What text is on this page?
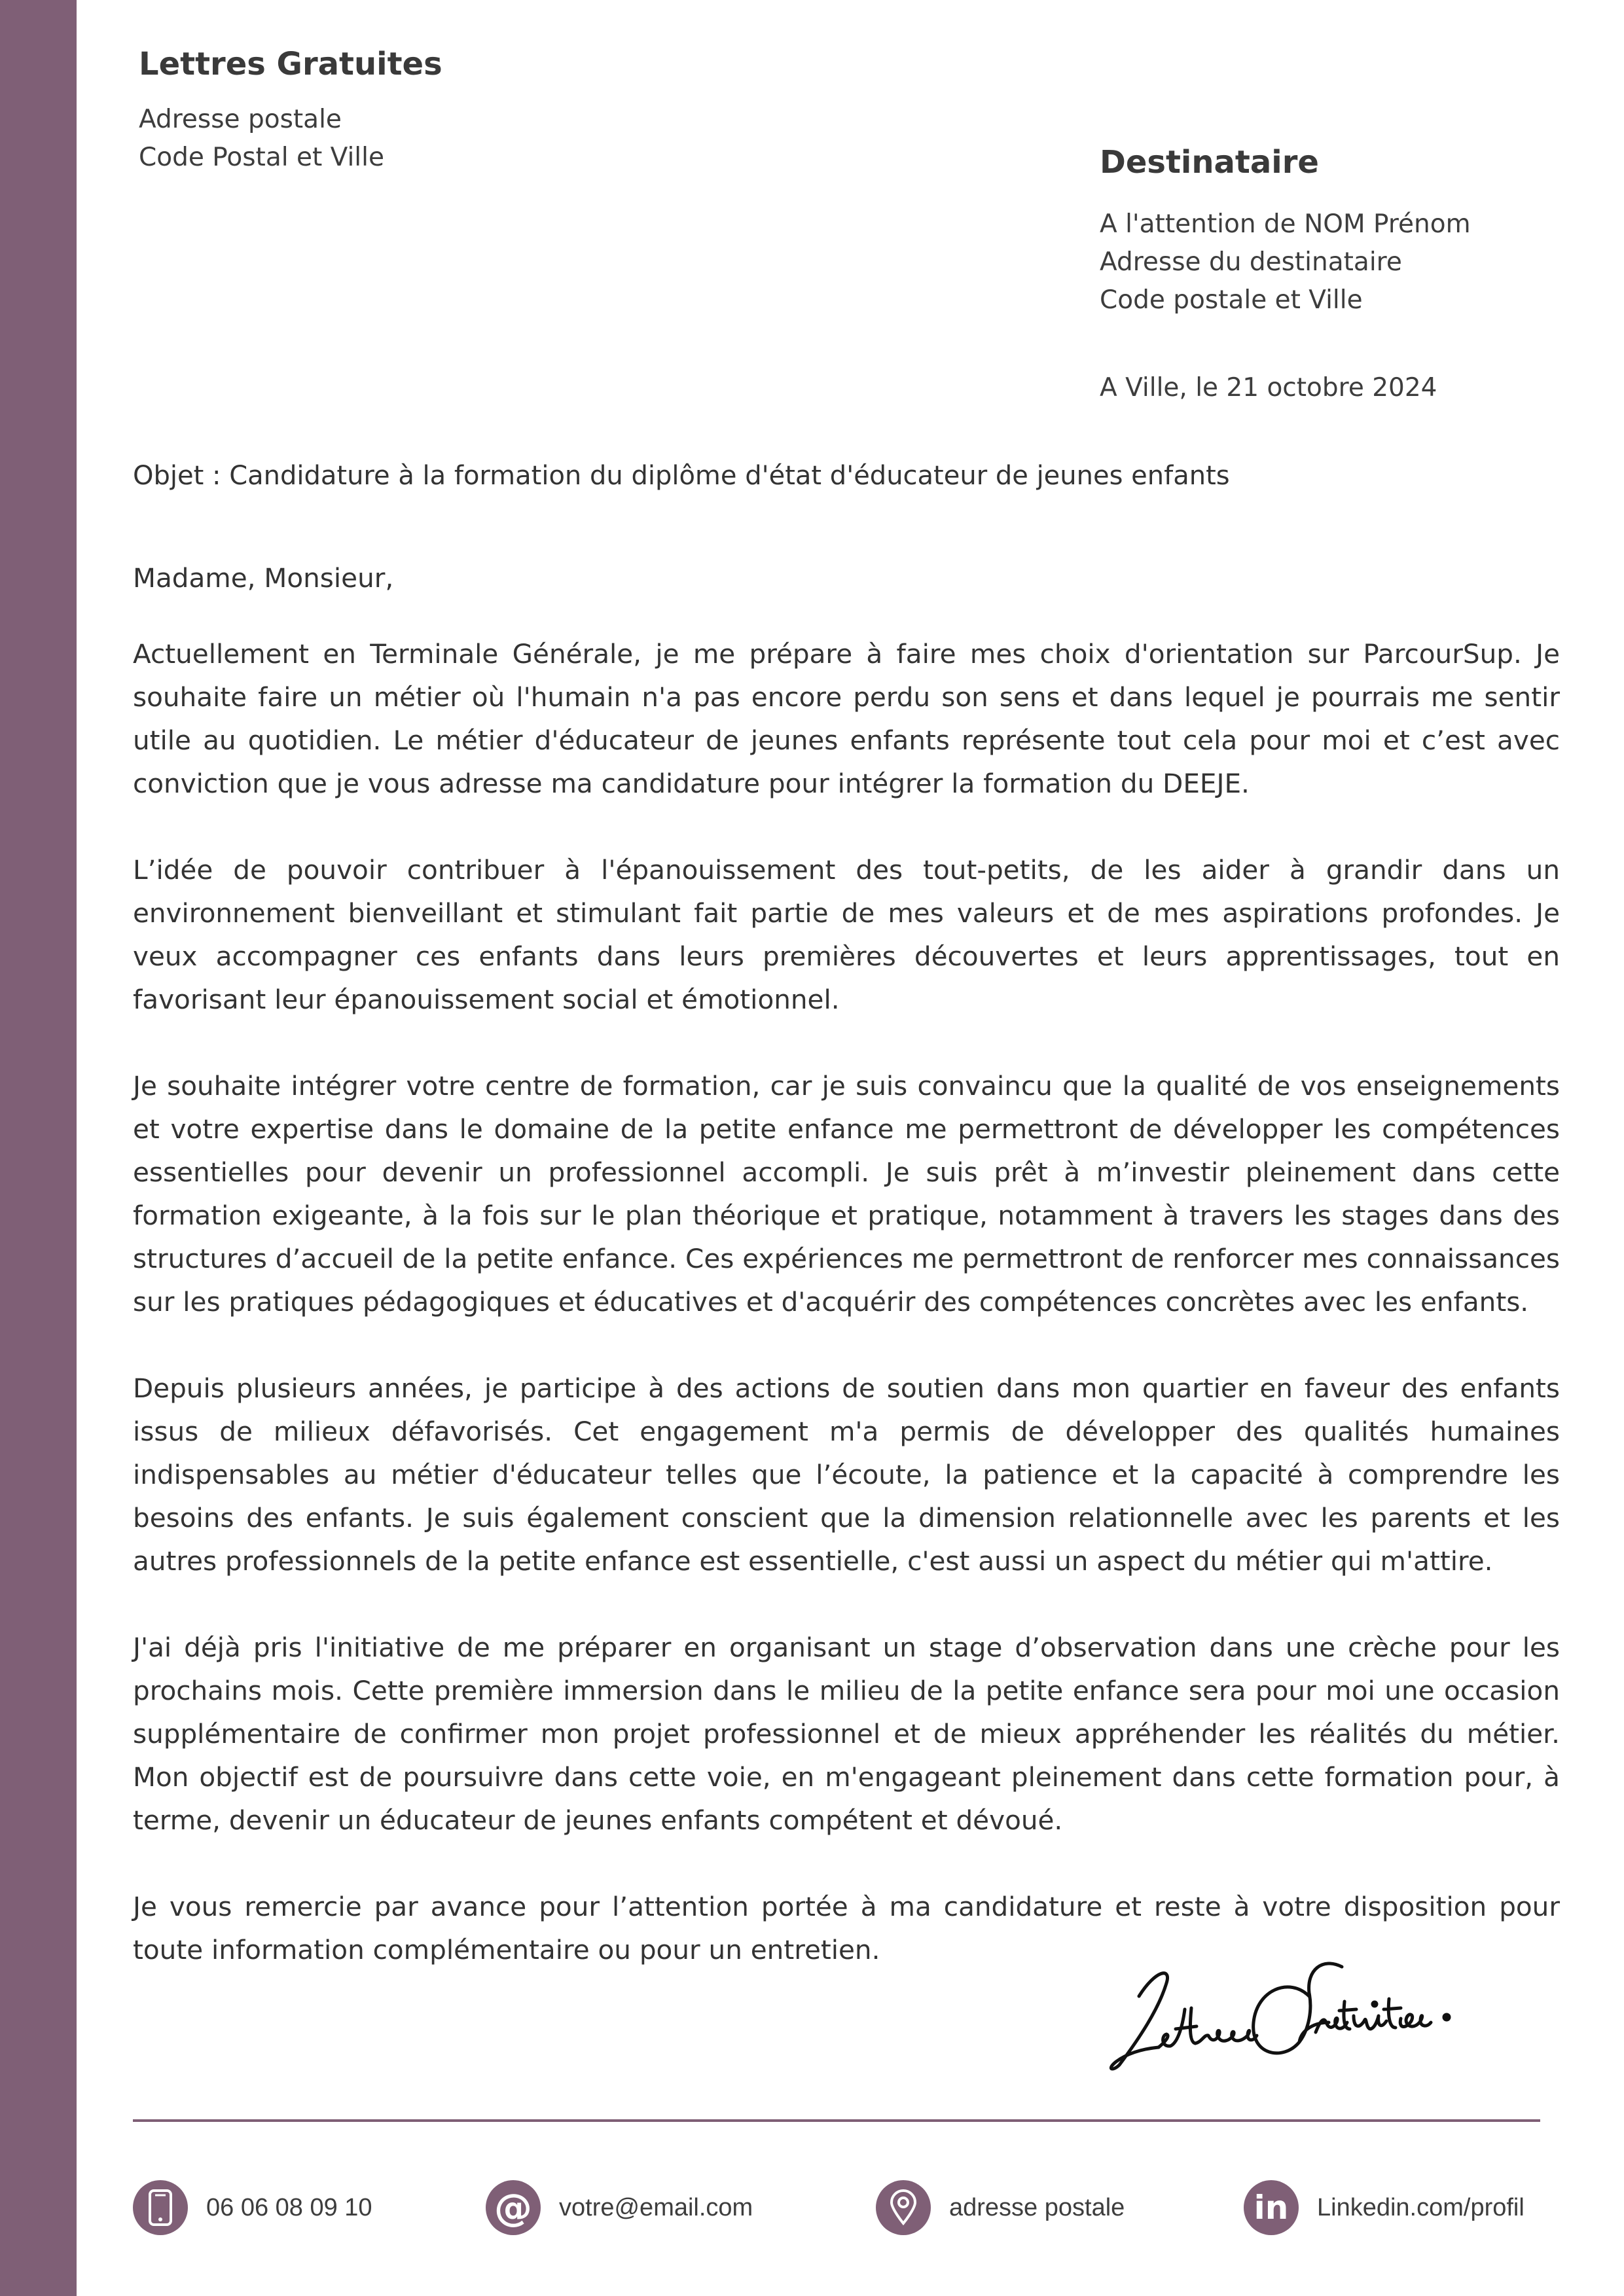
Lettres Gratuites
Adresse postale
Code Postal et Ville	Destinataire
A l'attention de NOM Prénom
Adresse du destinataire
Code postale et Ville
A Ville, le 21 octobre 2024
Objet : Candidature à la formation du diplôme d'état d'éducateur de jeunes enfants

Madame, Monsieur,

Actuellement en Terminale Générale, je me prépare à faire mes choix d'orientation sur ParcourSup. Je souhaite faire un métier où l'humain n'a pas encore perdu son sens et dans lequel je pourrais me sentir utile au quotidien. Le métier d'éducateur de jeunes enfants représente tout cela pour moi et c’est avec conviction que je vous adresse ma candidature pour intégrer la formation du DEEJE.

L’idée de pouvoir contribuer à l'épanouissement des tout-petits, de les aider à grandir dans un environnement bienveillant et stimulant fait partie de mes valeurs et de mes aspirations profondes. Je veux accompagner ces enfants dans leurs premières découvertes et leurs apprentissages, tout en favorisant leur épanouissement social et émotionnel.

Je souhaite intégrer votre centre de formation, car je suis convaincu que la qualité de vos enseignements et votre expertise dans le domaine de la petite enfance me permettront de développer les compétences essentielles pour devenir un professionnel accompli. Je suis prêt à m’investir pleinement dans cette formation exigeante, à la fois sur le plan théorique et pratique, notamment à travers les stages dans des structures d’accueil de la petite enfance. Ces expériences me permettront de renforcer mes connaissances sur les pratiques pédagogiques et éducatives et d'acquérir des compétences concrètes avec les enfants.

Depuis plusieurs années, je participe à des actions de soutien dans mon quartier en faveur des enfants issus de milieux défavorisés. Cet engagement m'a permis de développer des qualités humaines indispensables au métier d'éducateur telles que l’écoute, la patience et la capacité à comprendre les besoins des enfants. Je suis également conscient que la dimension relationnelle avec les parents et les autres professionnels de la petite enfance est essentielle, c'est aussi un aspect du métier qui m'attire.

J'ai déjà pris l'initiative de me préparer en organisant un stage d’observation dans une crèche pour les prochains mois. Cette première immersion dans le milieu de la petite enfance sera pour moi une occasion supplémentaire de confirmer mon projet professionnel et de mieux appréhender les réalités du métier. Mon objectif est de poursuivre dans cette voie, en m'engageant pleinement dans cette formation pour, à terme, devenir un éducateur de jeunes enfants compétent et dévoué.

Je vous remercie par avance pour l’attention portée à ma candidature et reste à votre disposition pour toute information complémentaire ou pour un entretien.

06 06 08 09 10	@ votre@email.com	adresse postale	in Linkedin.com/profil
